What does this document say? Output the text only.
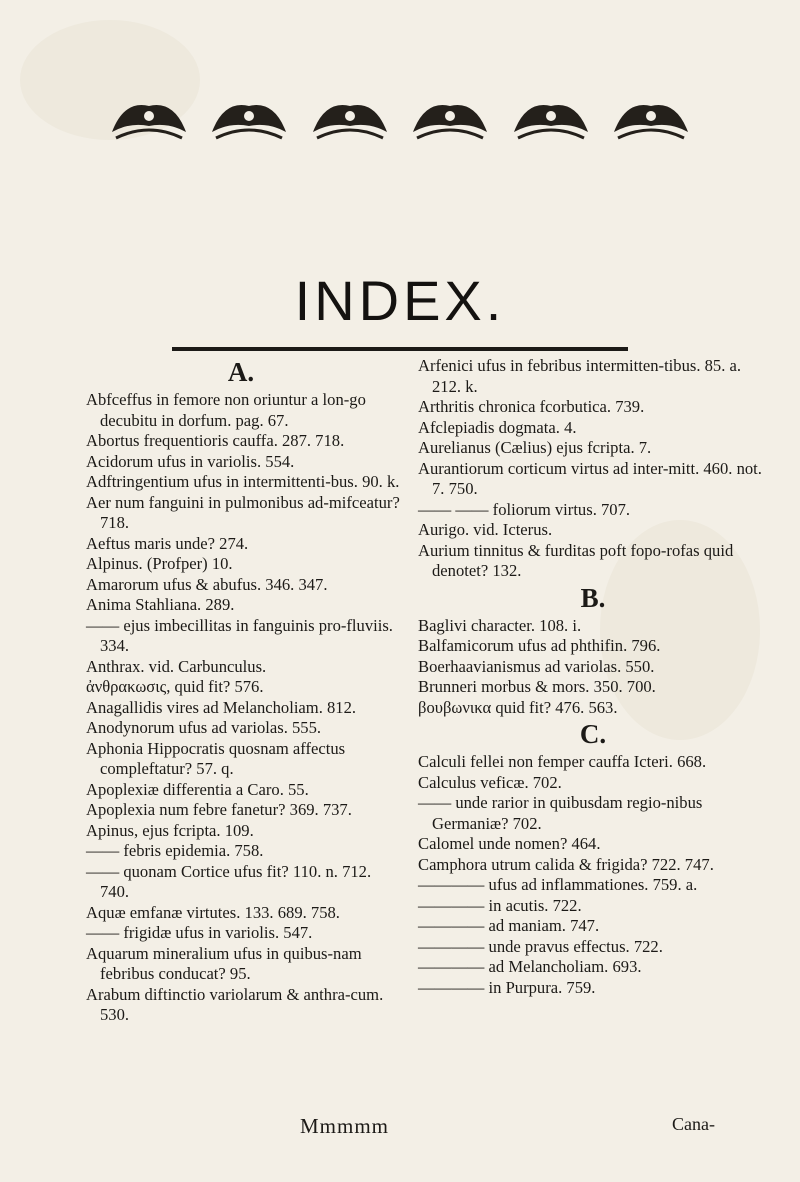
INDEX.
A.

Abfceffus in femore non oriuntur a lon-go decubitu in dorfum. pag. 67.

Abortus frequentioris cauffa. 287. 718.

Acidorum ufus in variolis. 554.

Adftringentium ufus in intermittenti-bus. 90. k.

Aer num fanguini in pulmonibus ad-mifceatur? 718.

Aeftus maris unde? 274.

Alpinus. (Profper) 10.

Amarorum ufus & abufus. 346. 347.

Anima Stahliana. 289.

—— ejus imbecillitas in fanguinis pro-fluviis. 334.

Anthrax. vid. Carbunculus.

ἀνθρακωσις, quid fit? 576.

Anagallidis vires ad Melancholiam. 812.

Anodynorum ufus ad variolas. 555.

Aphonia Hippocratis quosnam affectus compleftatur? 57. q.

Apoplexiæ differentia a Caro. 55.

Apoplexia num febre fanetur? 369. 737.

Apinus, ejus fcripta. 109.

—— febris epidemia. 758.

—— quonam Cortice ufus fit? 110. n. 712. 740.

Aquæ emfanæ virtutes. 133. 689. 758.

—— frigidæ ufus in variolis. 547.

Aquarum mineralium ufus in quibus-nam febribus conducat? 95.

Arabum diftinctio variolarum & anthra-cum. 530.

Arfenici ufus in febribus intermitten-tibus. 85. a. 212. k.

Arthritis chronica fcorbutica. 739.

Afclepiadis dogmata. 4.

Aurelianus (Cælius) ejus fcripta. 7.

Aurantiorum corticum virtus ad inter-mitt. 460. not. 7. 750.

—— —— foliorum virtus. 707.

Aurigo. vid. Icterus.

Aurium tinnitus & furditas poft fopo-rofas quid denotet? 132.

B.

Baglivi character. 108. i.

Balfamicorum ufus ad phthifin. 796.

Boerhaavianismus ad variolas. 550.

Brunneri morbus & mors. 350. 700.

βουβωνικα quid fit? 476. 563.

C.

Calculi fellei non femper cauffa Icteri. 668.

Calculus veficæ. 702.

—— unde rarior in quibusdam regio-nibus Germaniæ? 702.

Calomel unde nomen? 464.

Camphora utrum calida & frigida? 722. 747.

———— ufus ad inflammationes. 759. a.

———— in acutis. 722.

———— ad maniam. 747.

———— unde pravus effectus. 722.

———— ad Melancholiam. 693.

———— in Purpura. 759.

Mmmmm	Cana-
